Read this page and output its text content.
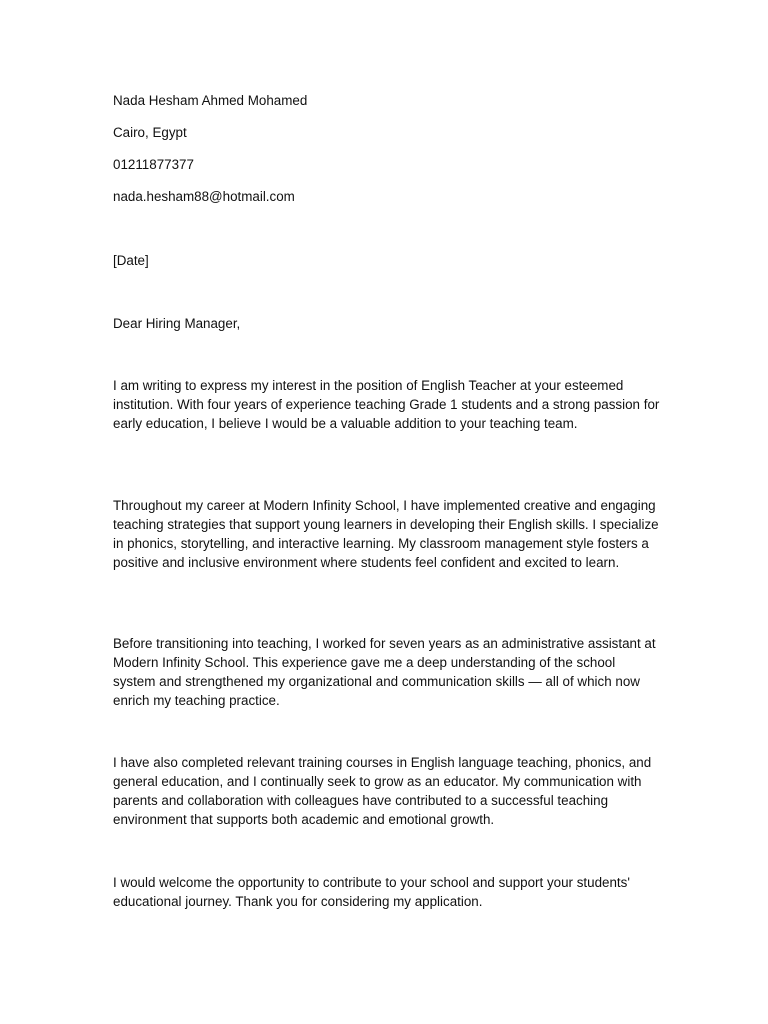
Nada Hesham Ahmed Mohamed

Cairo, Egypt

01211877377

nada.hesham88@hotmail.com

[Date]

Dear Hiring Manager,

I am writing to express my interest in the position of English Teacher at your esteemed institution. With four years of experience teaching Grade 1 students and a strong passion for early education, I believe I would be a valuable addition to your teaching team.

Throughout my career at Modern Infinity School, I have implemented creative and engaging teaching strategies that support young learners in developing their English skills. I specialize in phonics, storytelling, and interactive learning. My classroom management style fosters a positive and inclusive environment where students feel confident and excited to learn.

Before transitioning into teaching, I worked for seven years as an administrative assistant at Modern Infinity School. This experience gave me a deep understanding of the school system and strengthened my organizational and communication skills — all of which now enrich my teaching practice.

I have also completed relevant training courses in English language teaching, phonics, and general education, and I continually seek to grow as an educator. My communication with parents and collaboration with colleagues have contributed to a successful teaching environment that supports both academic and emotional growth.

I would welcome the opportunity to contribute to your school and support your students' educational journey. Thank you for considering my application.
